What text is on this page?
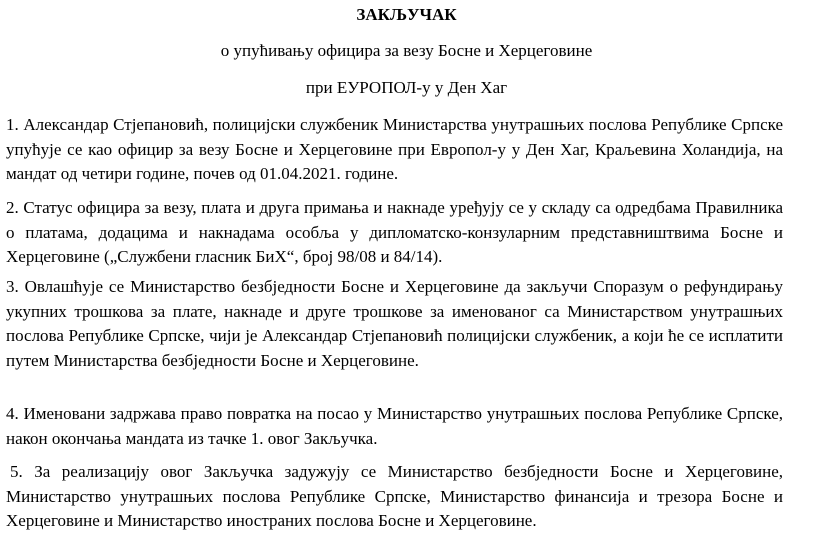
ЗАКЉУЧАК
о упућивању официра за везу Босне и Херцеговине
при ЕУРОПОЛ-у у Ден Хаг
1. Александар Стјепановић, полицијски службеник Министарства унутрашњих послова Републике Српске упућује се као официр за везу Босне и Херцеговине при Европол-у у Ден Хаг, Краљевина Холандија, на мандат од четири године, почев од 01.04.2021. године.
2. Статус официра за везу, плата и друга примања и накнаде уређују се у складу са одредбама Правилника о платама, додацима и накнадама особља у дипломатско-конзуларним представништвима Босне и Херцеговине („Службени гласник БиХ“, број 98/08 и 84/14).
3. Овлашћује се Министарство безбједности Босне и Херцеговине да закључи Споразум о рефундирању укупних трошкова за плате, накнаде и друге трошкове за именованог са Министарством унутрашњих послова Републике Српске, чији је Александар Стјепановић полицијски службеник, а који ће се исплатити путем Министарства безбједности Босне и Херцеговине.
4. Именовани задржава право повратка на посао у Министарство унутрашњих послова Републике Српске, након окончања мандата из тачке 1. овог Закључка.
5. За реализацију овог Закључка задужују се Министарство безбједности Босне и Херцеговине, Министарство унутрашњих послова Републике Српске, Министарство финансија и трезора Босне и Херцеговине и Министарство иностраних послова Босне и Херцеговине.
